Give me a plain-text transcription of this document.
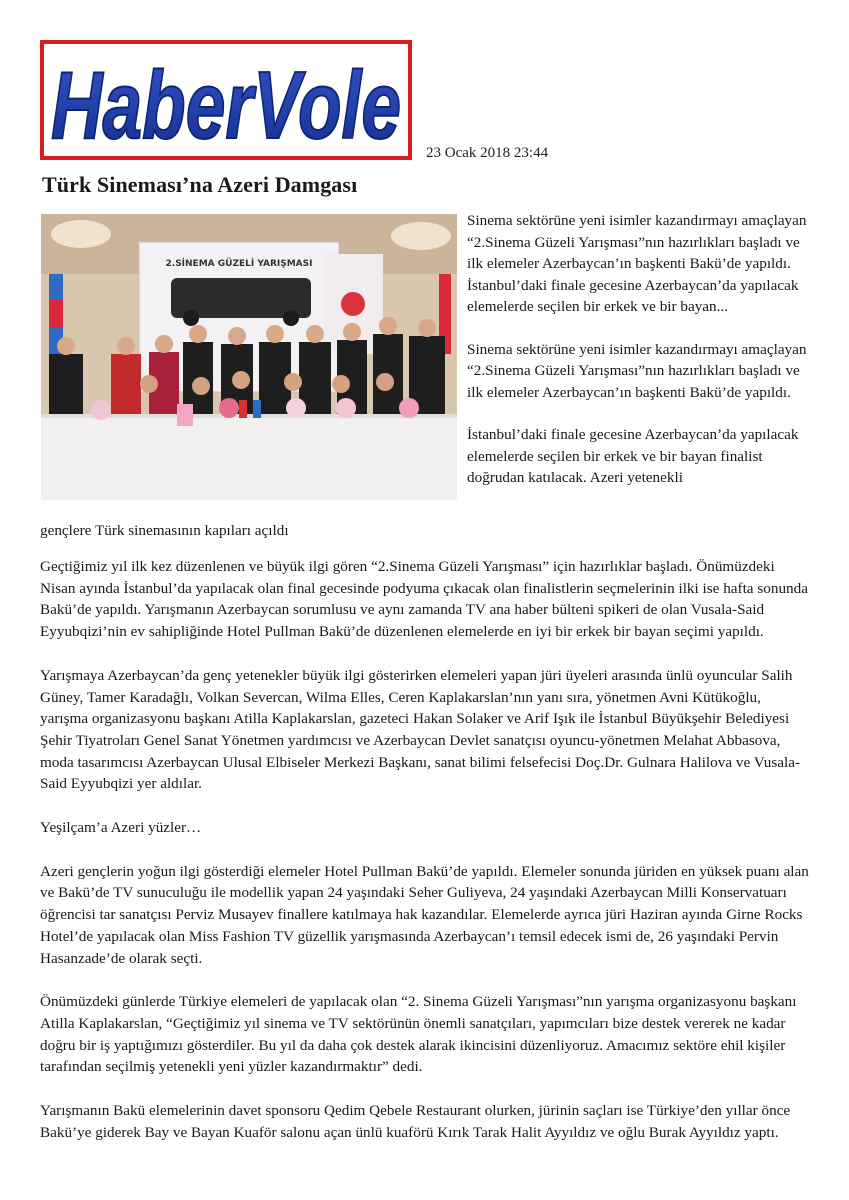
HaberVole 23 Ocak 2018 23:44
Türk Sineması’na Azeri Damgası
2.SİNEMA GÜZELİ YARIŞMASI

Sinema sektörüne yeni isimler kazandırmayı amaçlayan “2.Sinema Güzeli Yarışması”nın hazırlıkları başladı ve ilk elemeler Azerbaycan’ın başkenti Bakü’de yapıldı. İstanbul’daki finale gecesine Azerbaycan’da yapılacak elemelerde seçilen bir erkek ve bir bayan...

Sinema sektörüne yeni isimler kazandırmayı amaçlayan “2.Sinema Güzeli Yarışması”nın hazırlıkları başladı ve ilk elemeler Azerbaycan’ın başkenti Bakü’de yapıldı.

İstanbul’daki finale gecesine Azerbaycan’da yapılacak elemelerde seçilen bir erkek ve bir bayan finalist doğrudan katılacak. Azeri yetenekli

gençlere Türk sinemasının kapıları açıldı

Geçtiğimiz yıl ilk kez düzenlenen ve büyük ilgi gören “2.Sinema Güzeli Yarışması” için hazırlıklar başladı. Önümüzdeki Nisan ayında İstanbul’da yapılacak olan final gecesinde podyuma çıkacak olan finalistlerin seçmelerinin ilki ise hafta sonunda Bakü’de yapıldı. Yarışmanın Azerbaycan sorumlusu ve aynı zamanda TV ana haber bülteni spikeri de olan Vusala-Said Eyyubqizi’nin ev sahipliğinde Hotel Pullman Bakü’de düzenlenen elemelerde en iyi bir erkek bir bayan seçimi yapıldı.

Yarışmaya Azerbaycan’da genç yetenekler büyük ilgi gösterirken elemeleri yapan jüri üyeleri arasında ünlü oyuncular Salih Güney, Tamer Karadağlı, Volkan Severcan, Wilma Elles, Ceren Kaplakarslan’nın yanı sıra, yönetmen Avni Kütükoğlu, yarışma organizasyonu başkanı Atilla Kaplakarslan, gazeteci Hakan Solaker ve Arif Işık ile İstanbul Büyükşehir Belediyesi Şehir Tiyatroları Genel Sanat Yönetmen yardımcısı ve Azerbaycan Devlet sanatçısı oyuncu-yönetmen Melahat Abbasova, moda tasarımcısı Azerbaycan Ulusal Elbiseler Merkezi Başkanı, sanat bilimi felsefecisi Doç.Dr. Gulnara Halilova ve Vusala-Said Eyyubqizi yer aldılar.

Yeşilçam’a Azeri yüzler…

Azeri gençlerin yoğun ilgi gösterdiği elemeler Hotel Pullman Bakü’de yapıldı. Elemeler sonunda jüriden en yüksek puanı alan ve Bakü’de TV sunuculuğu ile modellik yapan 24 yaşındaki Seher Guliyeva, 24 yaşındaki Azerbaycan Milli Konservatuarı öğrencisi tar sanatçısı Perviz Musayev finallere katılmaya hak kazandılar. Elemelerde ayrıca jüri Haziran ayında Girne Rocks Hotel’de yapılacak olan Miss Fashion TV güzellik yarışmasında Azerbaycan’ı temsil edecek ismi de, 26 yaşındaki Pervin Hasanzade’de olarak seçti.

Önümüzdeki günlerde Türkiye elemeleri de yapılacak olan “2. Sinema Güzeli Yarışması”nın yarışma organizasyonu başkanı Atilla Kaplakarslan, “Geçtiğimiz yıl sinema ve TV sektörünün önemli sanatçıları, yapımcıları bize destek vererek ne kadar doğru bir iş yaptığımızı gösterdiler. Bu yıl da daha çok destek alarak ikincisini düzenliyoruz. Amacımız sektöre ehil kişiler tarafından seçilmiş yetenekli yeni yüzler kazandırmaktır” dedi.

Yarışmanın Bakü elemelerinin davet sponsoru Qedim Qebele Restaurant olurken, jürinin saçları ise Türkiye’den yıllar önce Bakü’ye giderek Bay ve Bayan Kuaför salonu açan ünlü kuaförü Kırık Tarak Halit Ayyıldız ve oğlu Burak Ayyıldız yaptı.
